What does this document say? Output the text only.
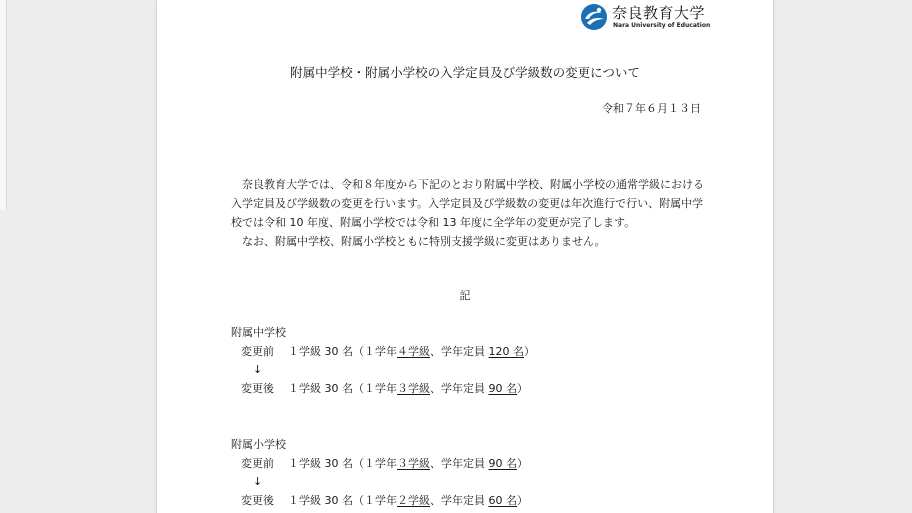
奈良教育大学
Nara University of Education
附属中学校・附属小学校の入学定員及び学級数の変更について
令和７年６月１３日

奈良教育大学では、令和８年度から下記のとおり附属中学校、附属小学校の通常学級における入学定員及び学級数の変更を行います。入学定員及び学級数の変更は年次進行で行い、附属中学校では令和 10 年度、附属小学校では令和 13 年度に全学年の変更が完了します。

なお、附属中学校、附属小学校ともに特別支援学級に変更はありません。

記
附属中学校
変更前 １学級 30 名（１学年４学級、学年定員 120 名）
↓
変更後 １学級 30 名（１学年３学級、学年定員 90 名）
附属小学校
変更前 １学級 30 名（１学年３学級、学年定員 90 名）
↓
変更後 １学級 30 名（１学年２学級、学年定員 60 名）
